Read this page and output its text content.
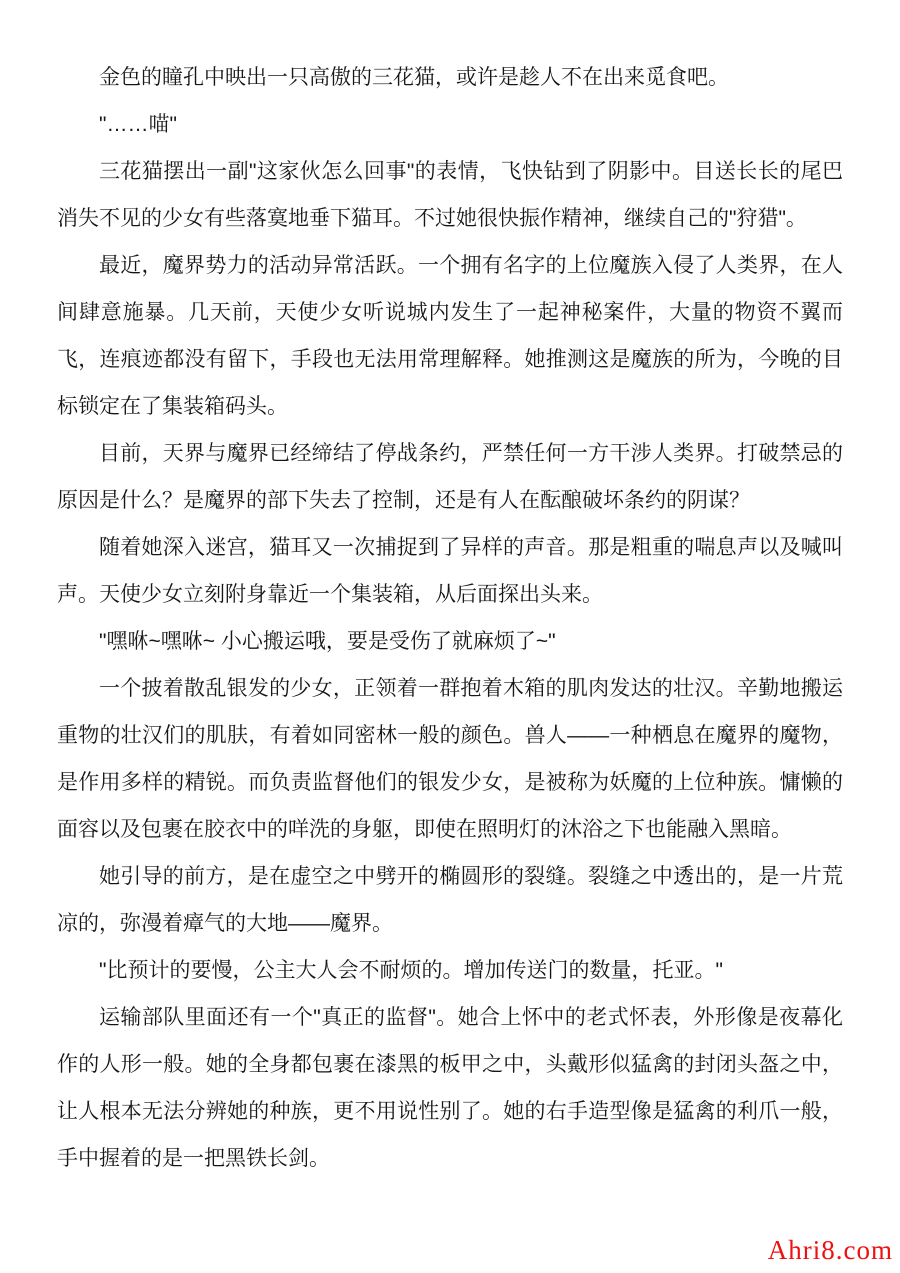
金色的瞳孔中映出一只高傲的三花猫，或许是趁人不在出来觅食吧。
"……喵"
三花猫摆出一副"这家伙怎么回事"的表情，飞快钻到了阴影中。目送长长的尾巴
消失不见的少女有些落寞地垂下猫耳。不过她很快振作精神，继续自己的"狩猎"。
最近，魔界势力的活动异常活跃。一个拥有名字的上位魔族入侵了人类界，在人
间肆意施暴。几天前，天使少女听说城内发生了一起神秘案件，大量的物资不翼而
飞，连痕迹都没有留下，手段也无法用常理解释。她推测这是魔族的所为，今晚的目
标锁定在了集装箱码头。
目前，天界与魔界已经缔结了停战条约，严禁任何一方干涉人类界。打破禁忌的
原因是什么？是魔界的部下失去了控制，还是有人在酝酿破坏条约的阴谋？
随着她深入迷宫，猫耳又一次捕捉到了异样的声音。那是粗重的喘息声以及喊叫
声。天使少女立刻附身靠近一个集装箱，从后面探出头来。
"嘿咻~嘿咻~ 小心搬运哦，要是受伤了就麻烦了~"
一个披着散乱银发的少女，正领着一群抱着木箱的肌肉发达的壮汉。辛勤地搬运
重物的壮汉们的肌肤，有着如同密林一般的颜色。兽人——一种栖息在魔界的魔物，
是作用多样的精锐。而负责监督他们的银发少女，是被称为妖魔的上位种族。慵懒的
面容以及包裹在胶衣中的咩洗的身躯，即使在照明灯的沐浴之下也能融入黑暗。
她引导的前方，是在虚空之中劈开的椭圆形的裂缝。裂缝之中透出的，是一片荒
凉的，弥漫着瘴气的大地——魔界。
"比预计的要慢，公主大人会不耐烦的。增加传送门的数量，托亚。"
运输部队里面还有一个"真正的监督"。她合上怀中的老式怀表，外形像是夜幕化
作的人形一般。她的全身都包裹在漆黑的板甲之中，头戴形似猛禽的封闭头盔之中，
让人根本无法分辨她的种族，更不用说性别了。她的右手造型像是猛禽的利爪一般，
手中握着的是一把黑铁长剑。
Ahri8.com
